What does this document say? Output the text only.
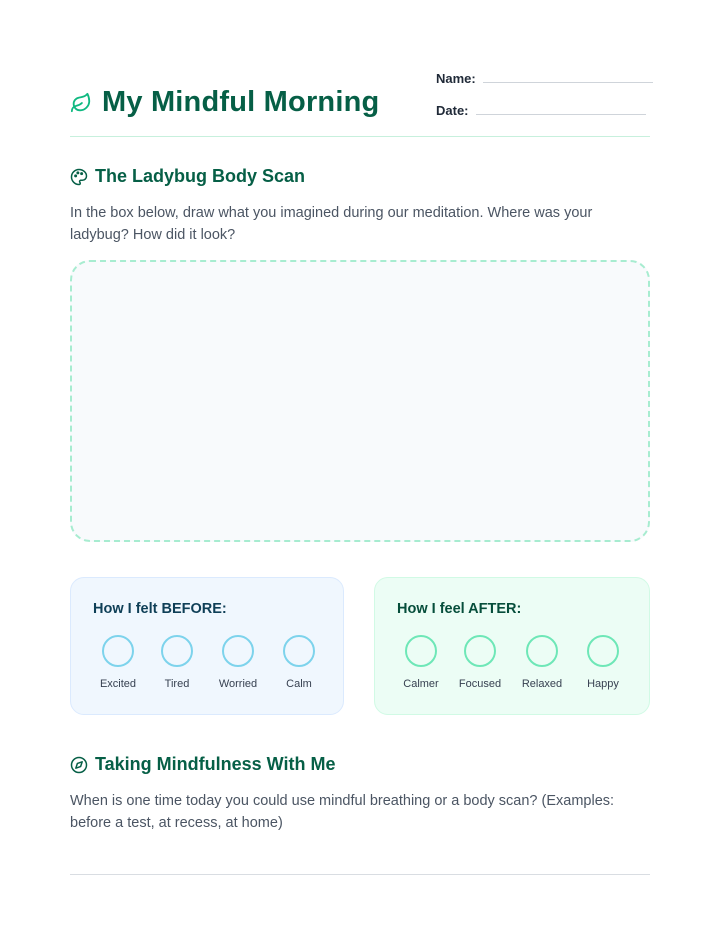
My Mindful Morning
Name:
Date:
The Ladybug Body Scan

In the box below, draw what you imagined during our meditation. Where was your ladybug? How did it look?

How I felt BEFORE:
Excited	Tired	Worried	Calm
How I feel AFTER:
Calmer Focused Relaxed Happy
Taking Mindfulness With Me

When is one time today you could use mindful breathing or a body scan? (Examples: before a test, at recess, at home)
